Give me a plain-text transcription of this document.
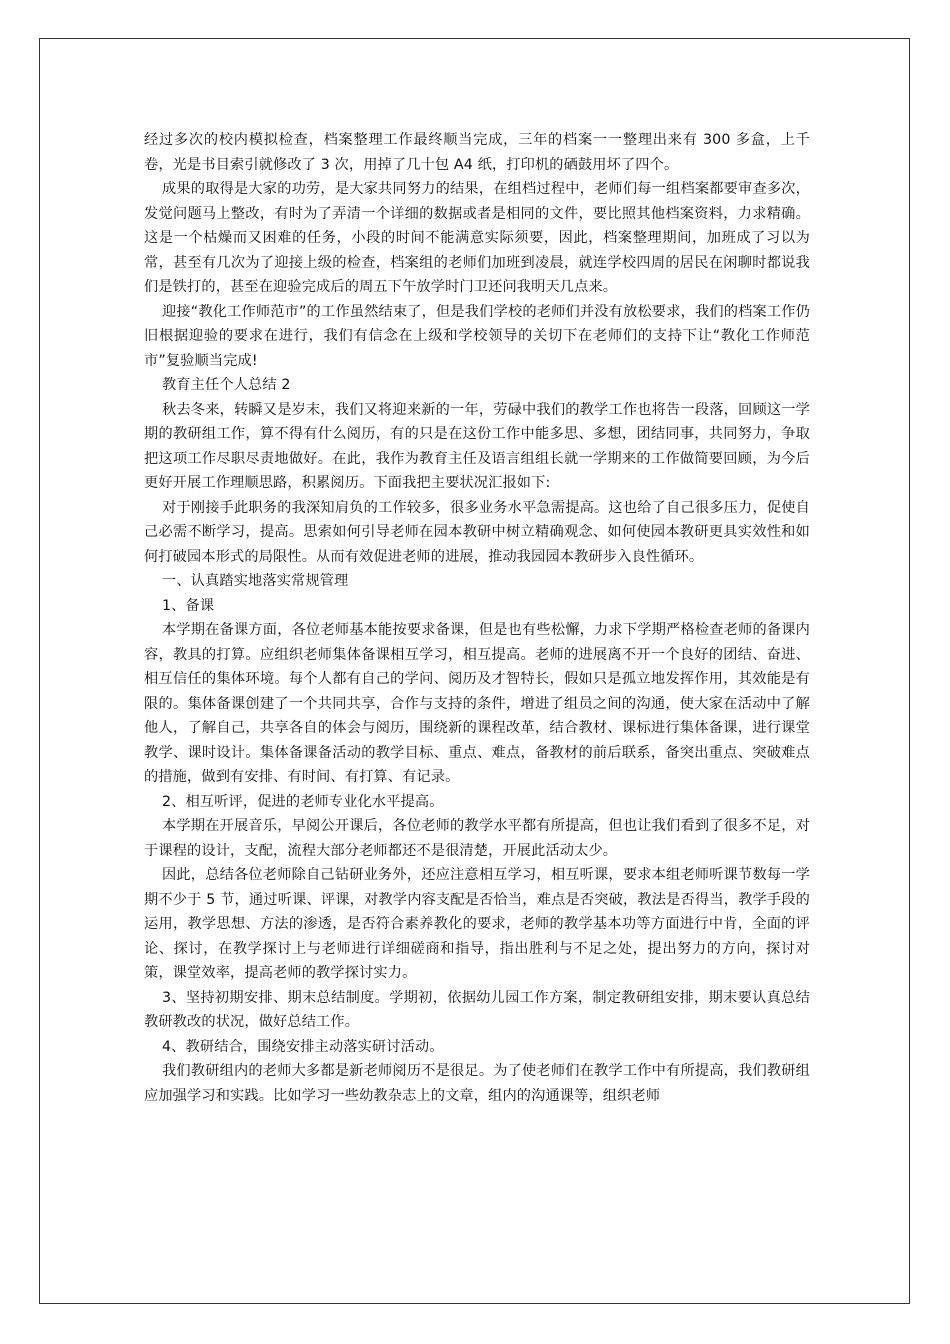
经过多次的校内模拟检查，档案整理工作最终顺当完成，三年的档案一一整理出来有 300 多盒，上千卷，光是书目索引就修改了 3 次，用掉了几十包 A4 纸，打印机的硒鼓用坏了四个。

成果的取得是大家的功劳，是大家共同努力的结果，在组档过程中，老师们每一组档案都要审查多次，发觉问题马上整改，有时为了弄清一个详细的数据或者是相同的文件，要比照其他档案资料，力求精确。这是一个枯燥而又困难的任务，小段的时间不能满意实际须要，因此，档案整理期间，加班成了习以为常，甚至有几次为了迎接上级的检查，档案组的老师们加班到凌晨，就连学校四周的居民在闲聊时都说我们是铁打的，甚至在迎验完成后的周五下午放学时门卫还问我明天几点来。

迎接“教化工作师范市”的工作虽然结束了，但是我们学校的老师们并没有放松要求，我们的档案工作仍旧根据迎验的要求在进行，我们有信念在上级和学校领导的关切下在老师们的支持下让“教化工作师范市”复验顺当完成!

教育主任个人总结 2

秋去冬来，转瞬又是岁末，我们又将迎来新的一年，劳碌中我们的教学工作也将告一段落，回顾这一学期的教研组工作，算不得有什么阅历，有的只是在这份工作中能多思、多想，团结同事，共同努力，争取把这项工作尽职尽责地做好。在此，我作为教育主任及语言组组长就一学期来的工作做简要回顾，为今后更好开展工作理顺思路，积累阅历。下面我把主要状况汇报如下:

对于刚接手此职务的我深知肩负的工作较多，很多业务水平急需提高。这也给了自己很多压力，促使自己必需不断学习，提高。思索如何引导老师在园本教研中树立精确观念、如何使园本教研更具实效性和如何打破园本形式的局限性。从而有效促进老师的进展，推动我园园本教研步入良性循环。

一、认真踏实地落实常规管理

1、备课

本学期在备课方面，各位老师基本能按要求备课，但是也有些松懈，力求下学期严格检查老师的备课内容，教具的打算。应组织老师集体备课相互学习，相互提高。老师的进展离不开一个良好的团结、奋进、相互信任的集体环境。每个人都有自己的学问、阅历及才智特长，假如只是孤立地发挥作用，其效能是有限的。集体备课创建了一个共同共享，合作与支持的条件，增进了组员之间的沟通，使大家在活动中了解他人，了解自己，共享各自的体会与阅历，围绕新的课程改革，结合教材、课标进行集体备课，进行课堂教学、课时设计。集体备课备活动的教学目标、重点、难点，备教材的前后联系，备突出重点、突破难点的措施，做到有安排、有时间、有打算、有记录。

2、相互听评，促进的老师专业化水平提高。

本学期在开展音乐，早阅公开课后，各位老师的教学水平都有所提高，但也让我们看到了很多不足，对于课程的设计，支配，流程大部分老师都还不是很清楚，开展此活动太少。

因此，总结各位老师除自己钻研业务外，还应注意相互学习，相互听课，要求本组老师听课节数每一学期不少于 5 节，通过听课、评课，对教学内容支配是否恰当，难点是否突破，教法是否得当，教学手段的运用，教学思想、方法的渗透，是否符合素养教化的要求，老师的教学基本功等方面进行中肯，全面的评论、探讨，在教学探讨上与老师进行详细磋商和指导，指出胜利与不足之处，提出努力的方向，探讨对策，课堂效率，提高老师的教学探讨实力。

3、坚持初期安排、期末总结制度。学期初，依据幼儿园工作方案，制定教研组安排，期末要认真总结教研教改的状况，做好总结工作。

4、教研结合，围绕安排主动落实研讨活动。

我们教研组内的老师大多都是新老师阅历不是很足。为了使老师们在教学工作中有所提高，我们教研组应加强学习和实践。比如学习一些幼教杂志上的文章，组内的沟通课等，组织老师
